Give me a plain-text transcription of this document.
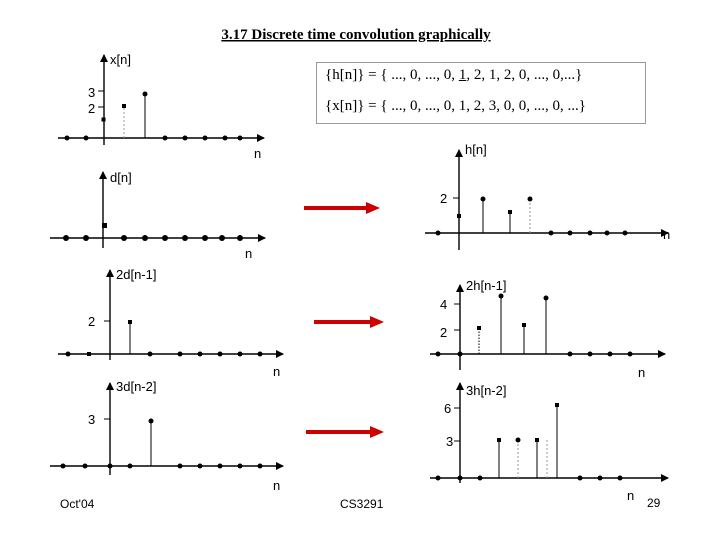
3.17 Discrete time convolution graphically
x[n]
3
2
h[n]
n
d[n]
n
n
2
2d[n-1]
2
n
2h[n-1]
4
2
n
3d[n-2]
3
n
3h[n-2]
6
3
n
Oct'04	CS3291	29
{h[n]} = { ..., 0, ..., 0, 1, 2, 1, 2, 0, ..., 0,...}
{x[n]} = { ..., 0, ..., 0, 1, 2, 3, 0, 0, ..., 0, ...}
